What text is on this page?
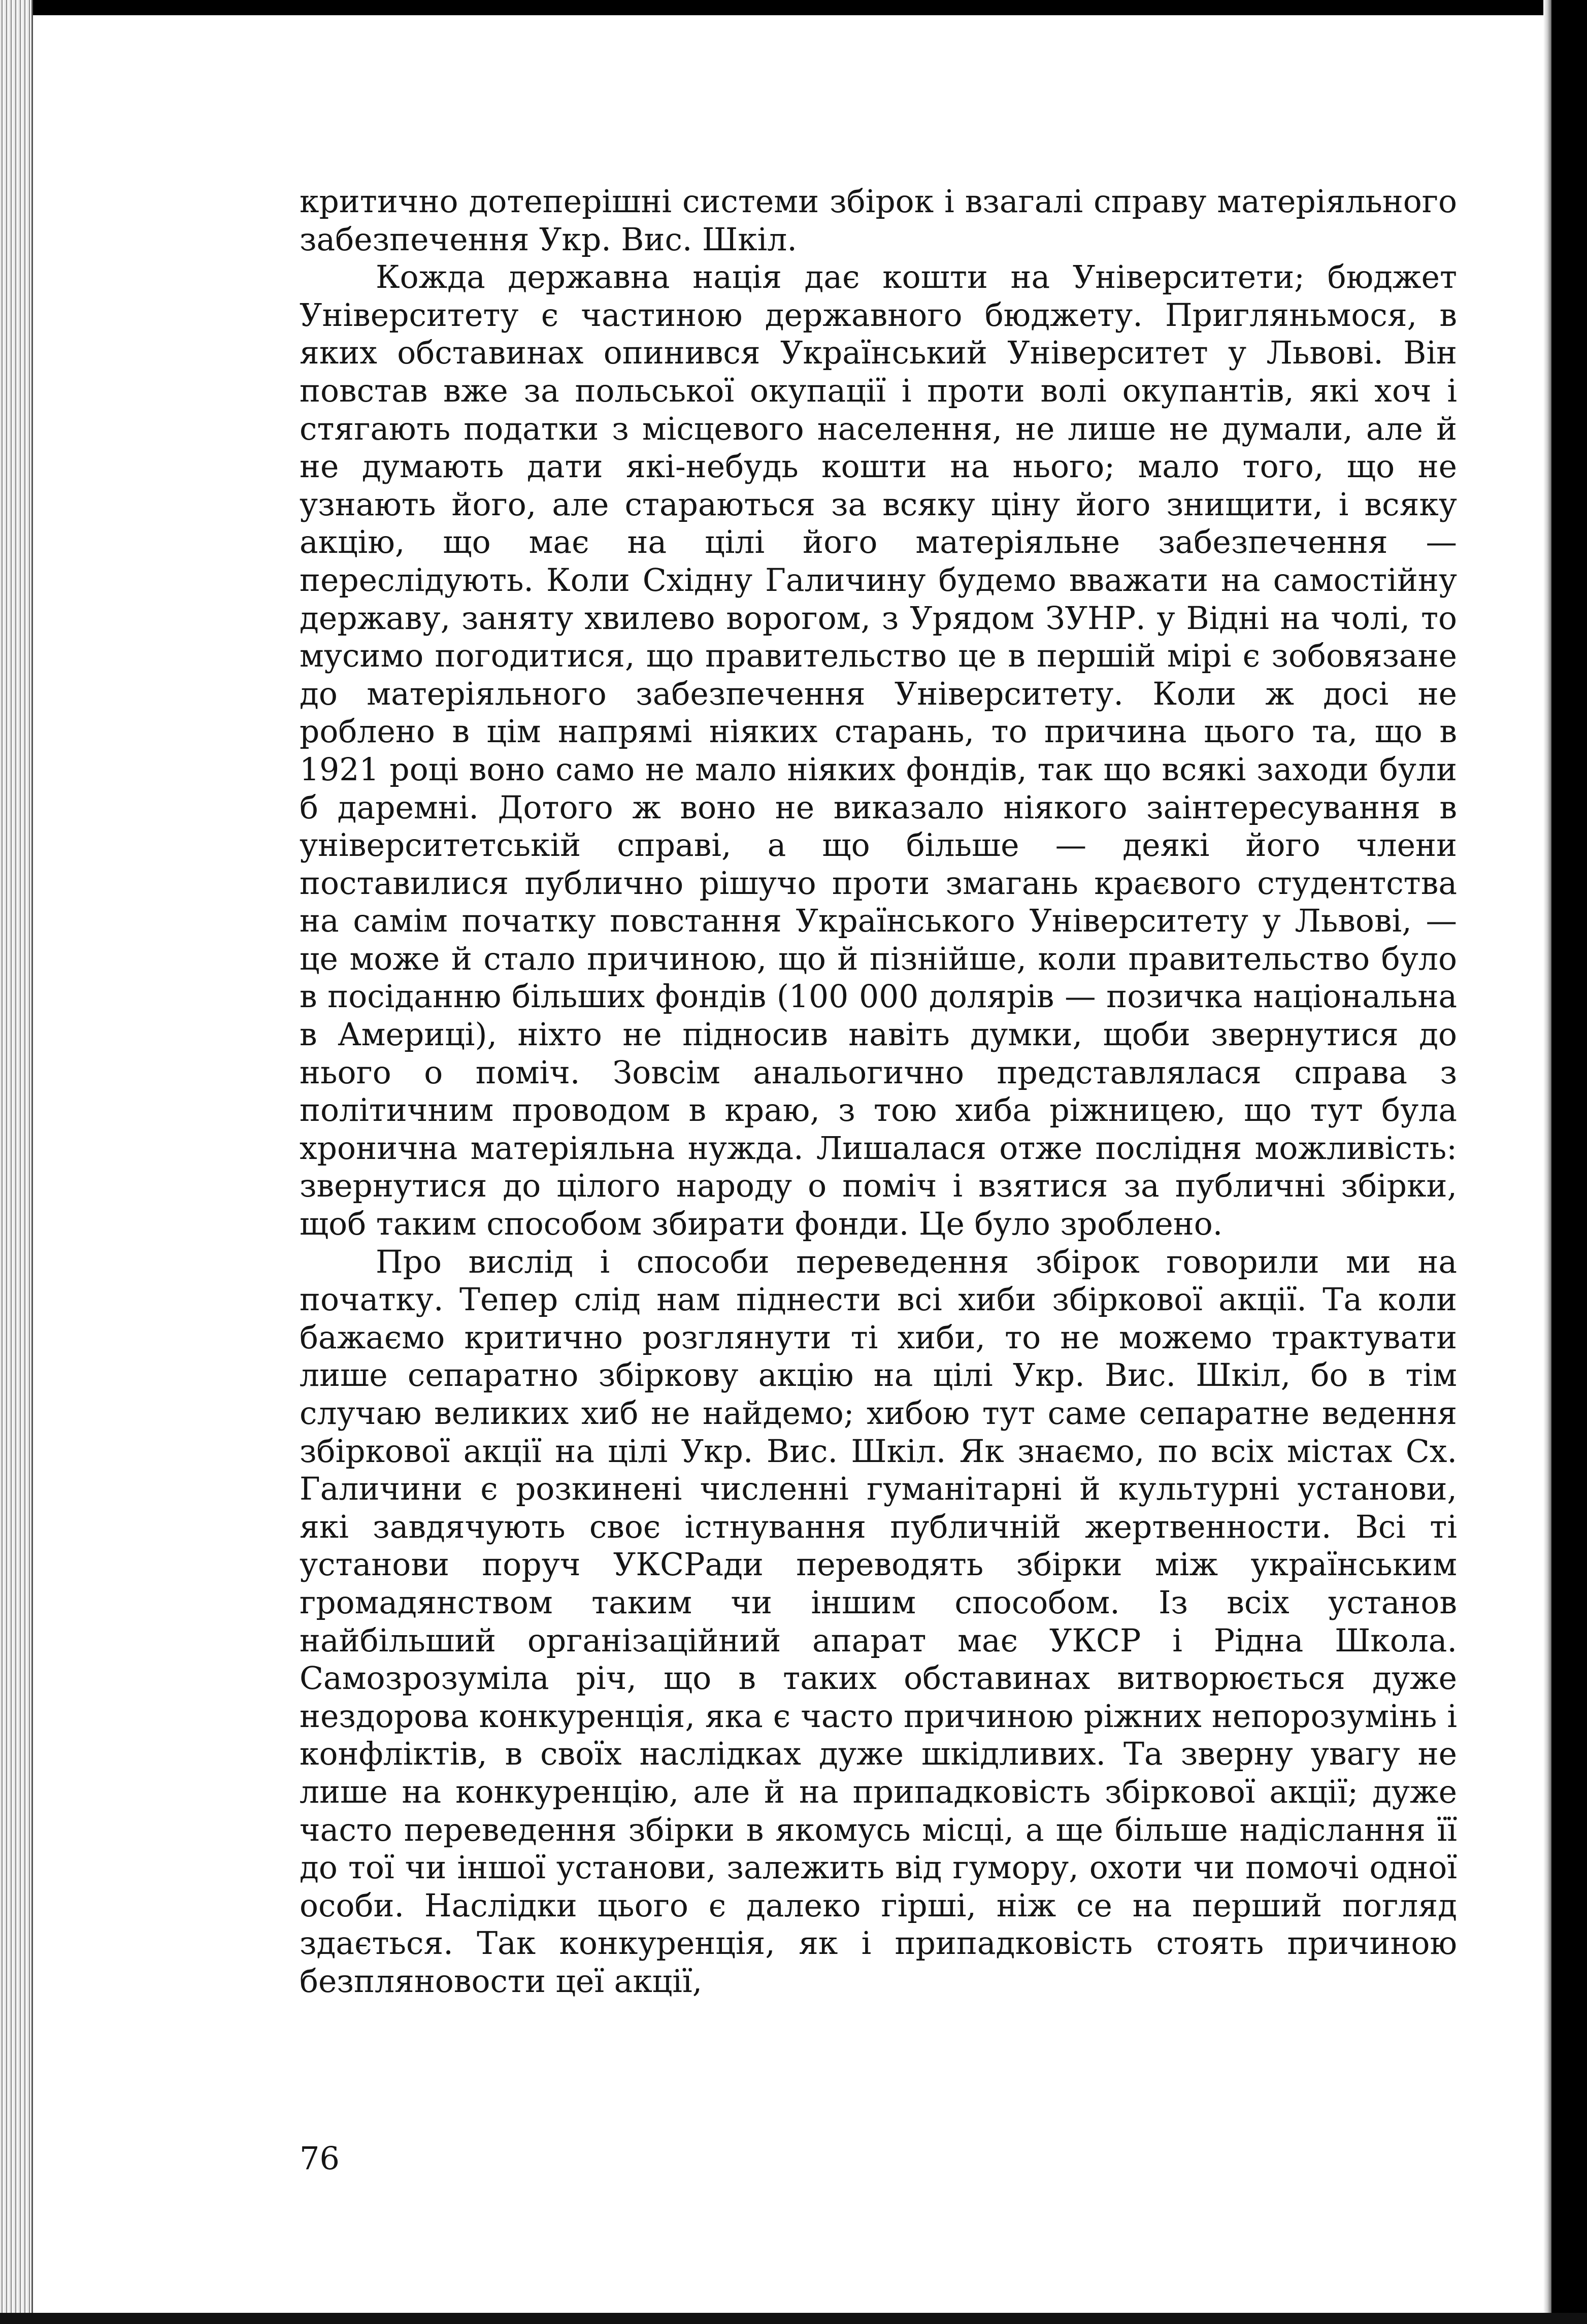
критично дотеперішні системи збірок і взагалі справу матеріяльного забезпечення Укр. Вис. Шкіл.

Кожда державна нація дає кошти на Університети; бюджет Університету є частиною державного бюджету. Пригляньмося, в яких обставинах опинився Український Університет у Львові. Він повстав вже за польської окупації і проти волі окупантів, які хоч і стягають податки з місцевого населення, не лише не думали, але й не думають дати які-небудь кошти на нього; мало того, що не узнають його, але стараються за всяку ціну його знищити, і всяку акцію, що має на цілі його матеріяльне забезпечення — переслідують. Коли Східну Галичину будемо вважати на самостійну державу, заняту хвилево ворогом, з Урядом ЗУНР. у Відні на чолі, то мусимо погодитися, що правительство це в першій мірі є зобовязане до матеріяльного забезпечення Університету. Коли ж досі не роблено в цім напрямі ніяких старань, то причина цього та, що в 1921 році воно само не мало ніяких фондів, так що всякі заходи були б даремні. Дотого ж воно не виказало ніякого заінтересування в університетській справі, а що більше — деякі його члени поставилися публично рішучо проти змагань краєвого студентства на самім початку повстання Українського Університету у Львові, — це може й стало причиною, що й пізнійше, коли правительство було в посіданню більших фондів (100 000 долярів — позичка національна в Америці), ніхто не підносив навіть думки, щоби звернутися до нього о поміч. Зовсім анальогично представлялася справа з політичним проводом в краю, з тою хиба ріжницею, що тут була хронична матеріяльна нужда. Лишалася отже послідня можливість: звернутися до цілого народу о поміч і взятися за публичні збірки, щоб таким способом збирати фонди. Це було зроблено.

Про вислід і способи переведення збірок говорили ми на початку. Тепер слід нам піднести всі хиби збіркової акції. Та коли бажаємо критично розглянути ті хиби, то не можемо трактувати лише сепаратно збіркову акцію на цілі Укр. Вис. Шкіл, бо в тім случаю великих хиб не найдемо; хибою тут саме сепаратне ведення збіркової акції на цілі Укр. Вис. Шкіл. Як знаємо, по всіх містах Сх. Галичини є розкинені численні гуманітарні й культурні установи, які завдячують своє істнування публичній жертвенности. Всі ті установи поруч УКСРади переводять збірки між українським громадянством таким чи іншим способом. Із всіх установ найбільший організаційний апарат має УКСР і Рідна Школа. Самозрозуміла річ, що в таких обставинах витворюється дуже нездорова конкуренція, яка є часто причиною ріжних непорозумінь і конфліктів, в своїх наслідках дуже шкідливих. Та зверну увагу не лише на конкуренцію, але й на припадковість збіркової акції; дуже часто переведення збірки в якомусь місці, а ще більше надіслання її до тої чи іншої установи, залежить від гумору, охоти чи помочі одної особи. Наслідки цього є далеко гірші, ніж се на перший погляд здається. Так конкуренція, як і припадковість стоять причиною безпляновости цеї акції,

76
